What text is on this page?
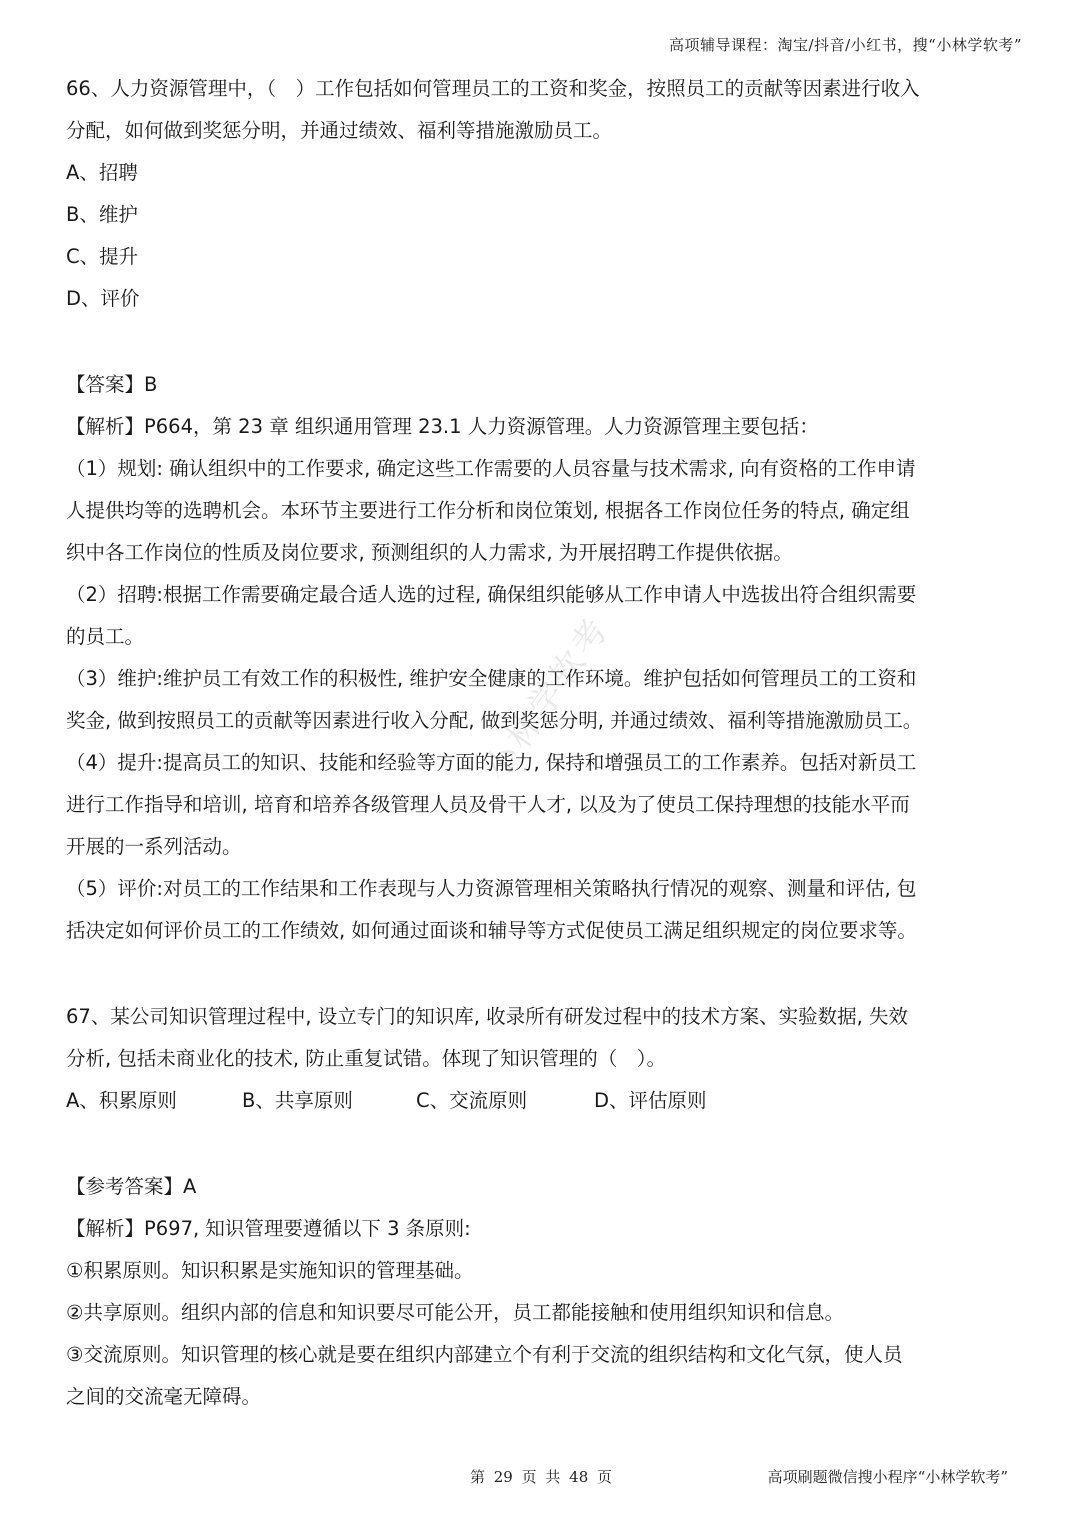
高项辅导课程：淘宝/抖音/小红书，搜“小林学软考”
小林学软考
66、人力资源管理中，（　）工作包括如何管理员工的工资和奖金，按照员工的贡献等因素进行收入
分配，如何做到奖惩分明，并通过绩效、福利等措施激励员工。
A、招聘
B、维护
C、提升
D、评价
【答案】B
【解析】P664，第 23 章 组织通用管理 23.1 人力资源管理。人力资源管理主要包括：
（1）规划: 确认组织中的工作要求, 确定这些工作需要的人员容量与技术需求, 向有资格的工作申请
人提供均等的选聘机会。本环节主要进行工作分析和岗位策划, 根据各工作岗位任务的特点, 确定组
织中各工作岗位的性质及岗位要求, 预测组织的人力需求, 为开展招聘工作提供依据。
（2）招聘:根据工作需要确定最合适人选的过程, 确保组织能够从工作申请人中选拔出符合组织需要
的员工。
（3）维护:维护员工有效工作的积极性, 维护安全健康的工作环境。维护包括如何管理员工的工资和
奖金, 做到按照员工的贡献等因素进行收入分配, 做到奖惩分明, 并通过绩效、福利等措施激励员工。
（4）提升:提高员工的知识、技能和经验等方面的能力, 保持和增强员工的工作素养。包括对新员工
进行工作指导和培训, 培育和培养各级管理人员及骨干人才, 以及为了使员工保持理想的技能水平而
开展的一系列活动。
（5）评价:对员工的工作结果和工作表现与人力资源管理相关策略执行情况的观察、测量和评估, 包
括决定如何评价员工的工作绩效, 如何通过面谈和辅导等方式促使员工满足组织规定的岗位要求等。
67、某公司知识管理过程中, 设立专门的知识库, 收录所有研发过程中的技术方案、实验数据, 失效
分析, 包括未商业化的技术, 防止重复试错。体现了知识管理的（　）。
A、积累原则	B、共享原则	C、交流原则	D、评估原则
【参考答案】A
【解析】P697, 知识管理要遵循以下 3 条原则:
①积累原则。知识积累是实施知识的管理基础。
②共享原则。组织内部的信息和知识要尽可能公开，员工都能接触和使用组织知识和信息。
③交流原则。知识管理的核心就是要在组织内部建立个有利于交流的组织结构和文化气氛，使人员
之间的交流毫无障碍。
第 29 页 共 48 页	高项刷题微信搜小程序“小林学软考”
